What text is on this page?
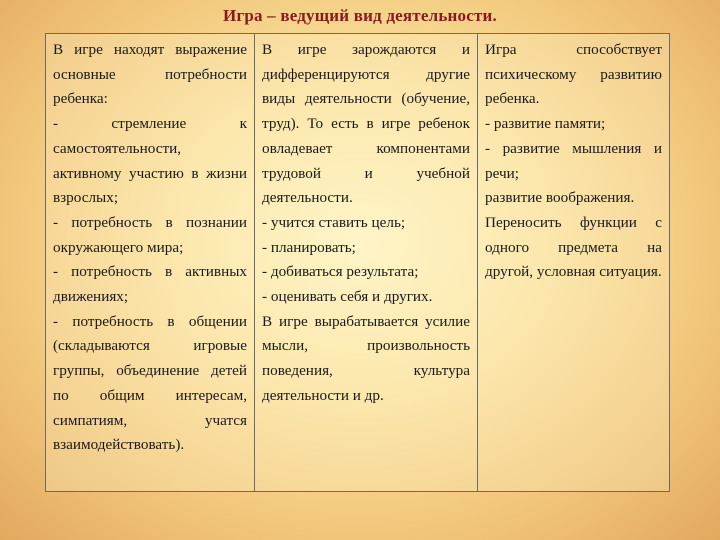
Игра – ведущий вид деятельности.
В игре находят выражение основные потребности ребенка:
- стремление к самостоятельности, активному участию в жизни взрослых;
- потребность в познании окружающего мира;
- потребность в активных движениях;
- потребность в общении (складываются игровые группы, объединение детей по общим интересам, симпатиям, учатся взаимодействовать).
В игре зарождаются и дифференцируются другие виды деятельности (обучение, труд). То есть в игре ребенок овладевает компонентами трудовой и учебной деятельности.
- учится ставить цель;
- планировать;
- добиваться результата;
- оценивать себя и других.
В игре вырабатывается усилие мысли, произвольность поведения, культура деятельности и др.
Игра способствует психическому развитию ребенка.
- развитие памяти;
- развитие мышления и речи;
развитие воображения.
Переносить функции с одного предмета на другой, условная ситуация.
